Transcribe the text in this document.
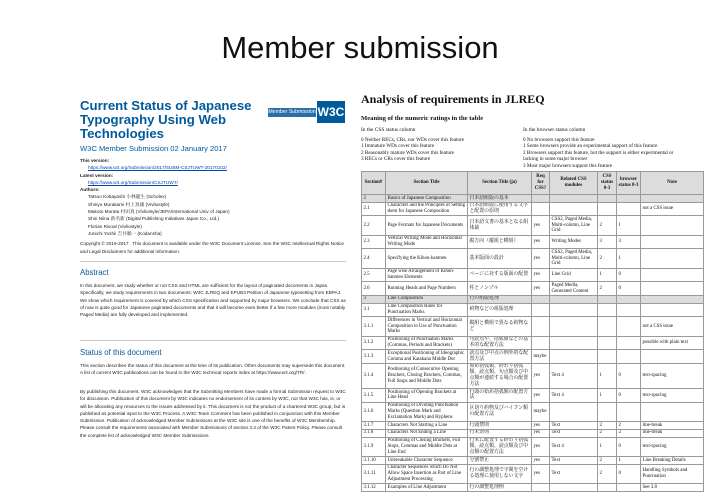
Member submission
Current Status of Japanese Typography Using Web Technologies
Member Submission W3C
W3C Member Submission 02 January 2017

This version:

https://www.w3.org/Submission/2017/SUBM-CSJTUWT-20170102/

Latest version:

https://www.w3.org/Submission/CSJTUWT/

Authors:

Tatsuo Kobayashi 小林龍生 (Scholex)

Shinyu Murakami 村上真雄 (Vivliostyle)

Makoto Murata 村田真 (Vivliostyle/JEPA/International Univ of Japan)

Shin Niina 新名新 (Digital Publishing Initiatives Japan Co., Ltd.)

Florian Rivoal (Vivliostyle)

Junichi Yoshii 吉井順一 (Kodansha)

Copyright © 2016-2017 . This document is available under the W3C Document License. See the W3C Intellectual Rights Notice and Legal Disclaimers for additional information.

Abstract

In this document, we study whether or not CSS and HTML are sufficient for the layout of paginated documents in Japan. Specifically, we study requirements in two documents: W3C JLREQ and EPUB3 Petition of Japanese typesetting from EBPAJ. We show which requirement is covered by which CSS specification and supported by major browsers. We conclude that CSS as of now is quite good for Japanese paginated documents and that it will become even better if a few more modules (most notably Paged Media) are fully developed and implemented.

Status of this document

This section describes the status of this document at the time of its publication. Other documents may supersede this document. A list of current W3C publications can be found in the W3C technical reports index at https://www.w3.org/TR/.

By publishing this document, W3C acknowledges that the Submitting Members have made a formal Submission request to W3C for discussion. Publication of this document by W3C indicates no endorsement of its content by W3C, nor that W3C has, is, or will be allocating any resources to the issues addressed by it. This document is not the product of a chartered W3C group, but is published as potential input to the W3C Process. A W3C Team Comment has been published in conjunction with this Member Submission. Publication of acknowledged Member Submissions at the W3C site is one of the benefits of W3C Membership. Please consult the requirements associated with Member Submissions of section 3.3 of the W3C Patent Policy. Please consult the complete list of acknowledged W3C Member Submissions.

Analysis of requirements in JLREQ
Meaning of the numeric ratings in the table
In the CSS status column	In the browser status column
0 Neither RECs, CRs, nor WDs cover this feature
1 Immature WDs cover this feature
2 Reasonably mature WDs cover this feature
3 RECs or CRs cover this feature
0 No browsers support this feature
1 Some browsers provide an experimental support of this feature
2 Browsers support this feature, but the support is either experimental or
lacking in some major browser
3 Most major browsers support this feature
Section#	Section Title	Section Title (ja)	Req for CSS?	Related CSS modules	CSS status 0-3	browser status 0-3	Note
2	Basics of Japanese Composition	日本語組版の基本					
2.1	Characters and the Principles of Setting them for Japanese Composition	日本語組版に使用する文字と配置の原則					not a CSS issue
2.2	Page Formats for Japanese Documents	日本語文書の基本となる組体裁	yes	CSS2, Paged Media, Multi-column, Line Grid	2	1	
2.3	Vertical Writing Mode and Horizontal Writing Mode	縦方向（縦組と横組）	yes	Writing Modes	3	3	
2.4	Specifying the Kihon-hanmen	基本版面の設計	yes	CSS2, Paged Media, Multi-column, Line Grid	2	1	
2.5	Page wise Arrangement of Kihon-hanmen Elements	ページに対する版面の配置	yes	Line Grid	1	0	
2.6	Running Heads and Page Numbers	柱とノンブル	yes	Paged Media, Generated Content	2	0	
3	Line Composition	行の組版処理					
3.1	Line Composition Rules for Punctuation Marks	約物などの組版処理					
3.1.1	Differences in Vertical and Horizontal Composition in Use of Punctuation Marks	縦組と横組で異なる約物など					not a CSS issue
3.1.2	Positioning of Punctuation Marks (Commas, Periods and Brackets)	句読点や、括弧類などの基本的な配置方法					possible with plain text
3.1.3	Exceptional Positioning of Ideographic Comma and Katakana Middle Dot	読点及び中点の例外的な配置方法	maybe				
3.1.4	Positioning of Consecutive Opening Brackets, Closing Brackets, Commas, Full Stops and Middle Dots	始め括弧類、終わり括弧類、読点類、句点類及び中点類が連続する場合の配置方法	yes	Text 4	1	0	text-spacing
3.1.5	Positioning of Opening Brackets at Line Head	行頭の始め括弧類の配置方法	yes	Text 4	1	0	text-spacing
3.1.6	Positioning of Dividing Punctuation Marks (Question Mark and Exclamation Mark) and Hyphens	区切り約物及びハイフン類の配置方法	maybe				
3.1.7	Characters Not Starting a Line	行頭禁則	yes	Text	2	2	line-break
3.1.8	Characters Not Ending a Line	行末禁則	yes	Text	2	2	line-break
3.1.9	Positioning of Closing Brackets, Full Stops, Commas and Middle Dots at Line End	行末に配置する終わり括弧類、読点類、読点類及び中点類の配置方法	yes	Text 4	1	0	text-spacing
3.1.10	Unbreakable Character Sequence	分割禁止	yes	Text	2	1	Line Breaking Details
3.1.11	Character Sequences which Do Not Allow Space Insertion as Part of Line Adjustment Processing	行の調整処理で字間を空ける処理に使用しない文字	yes	Text	2	0	Handling Symbols and Punctuation
3.1.12	Examples of Line Adjustment	行の調整処理例					See 3.8
